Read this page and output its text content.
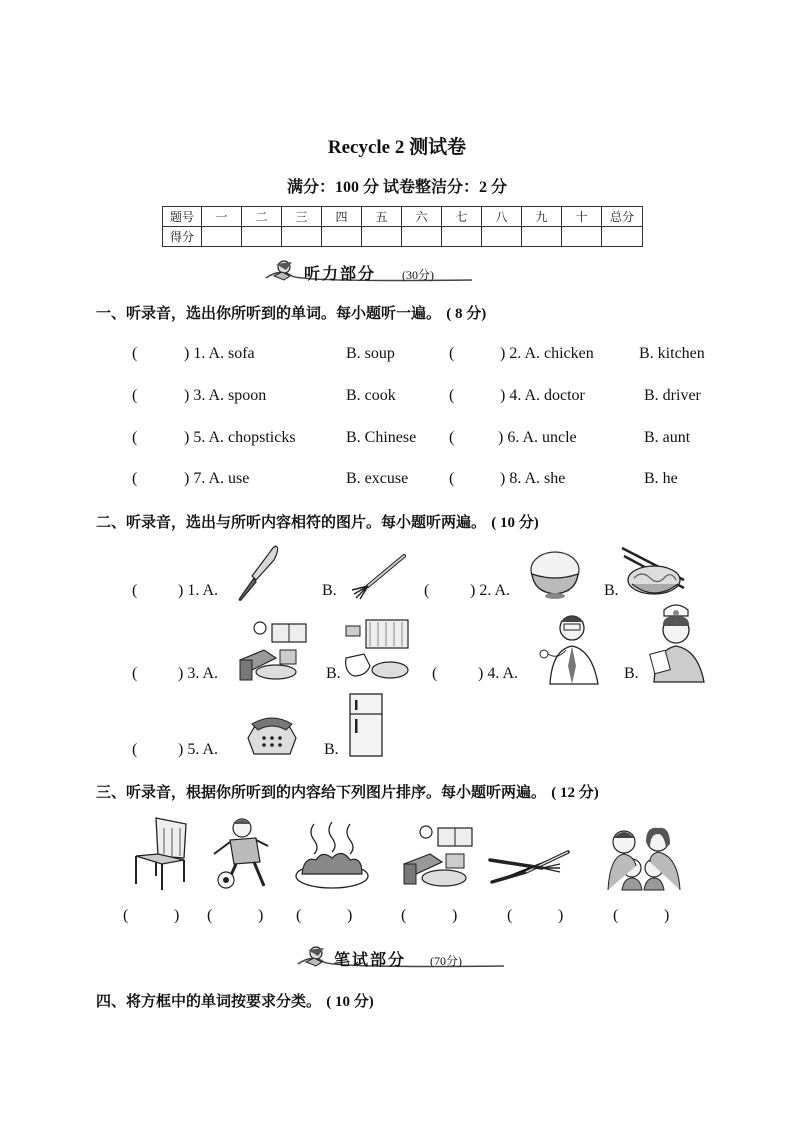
Recycle 2 测试卷
满分：100 分 试卷整洁分：2 分
题号	一	二	三	四	五	六	七	八	九	十	总分
得分											
听力部分 (30分)
一、听录音，选出你所听到的单词。每小题听一遍。 ( 8 分)
(	) 1. A. sofa	B. soup	(	) 2. A. chicken	B. kitchen
(	) 3. A. spoon	B. cook	(	) 4. A. doctor	B. driver
(	) 5. A. chopsticks	B. Chinese (	) 6. A. uncle	B. aunt
(	) 7. A. use	B. excuse	(	) 8. A. she	B. he
二、听录音，选出与所听内容相符的图片。每小题听两遍。 ( 10 分)
(	) 1. A.	B.	(	) 2. A.	B.
(	) 3. A.	B.	(	) 4. A.	B.
(	) 5. A.	B.
三、听录音，根据你所听到的内容给下列图片排序。每小题听两遍。 ( 12 分)
(	) (	) (	)	(	)	(	)	(	)
笔试部分 (70分)
四、将方框中的单词按要求分类。 ( 10 分)
